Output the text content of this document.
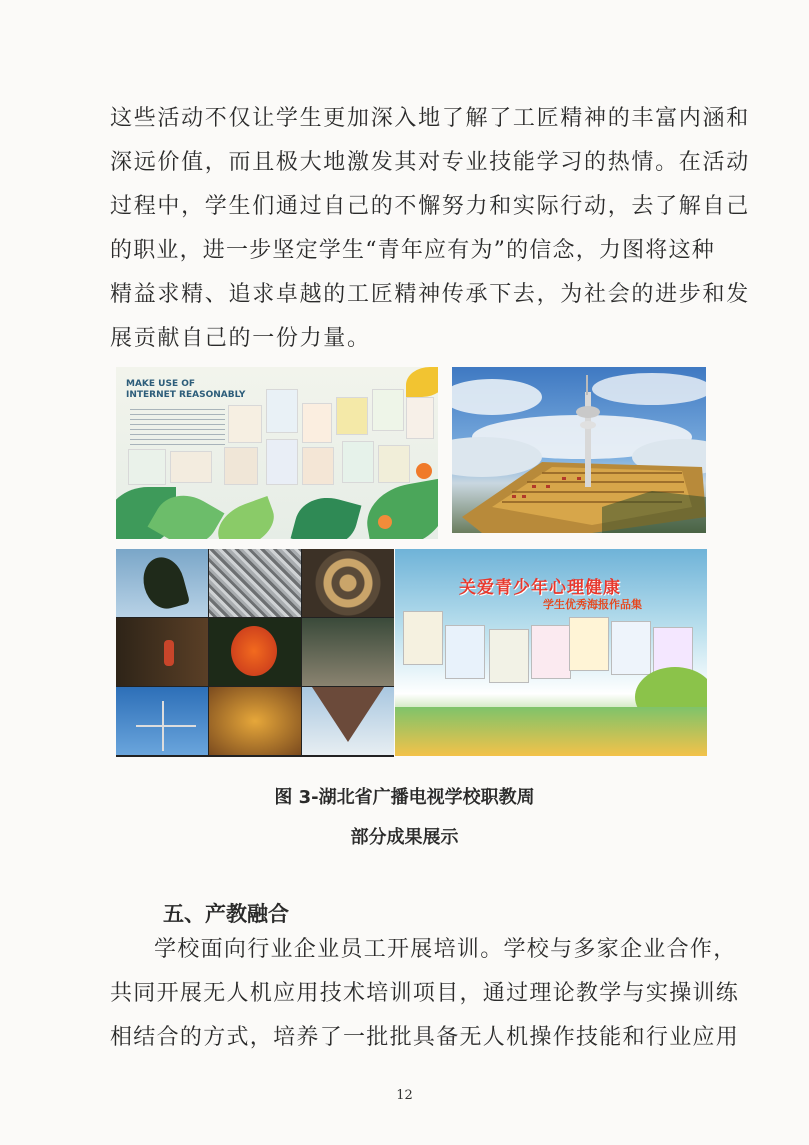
这些活动不仅让学生更加深入地了解了工匠精神的丰富内涵和
深远价值，而且极大地激发其对专业技能学习的热情。在活动
过程中，学生们通过自己的不懈努力和实际行动，去了解自己
的职业，进一步坚定学生“青年应有为”的信念，力图将这种
精益求精、追求卓越的工匠精神传承下去，为社会的进步和发
展贡献自己的一份力量。
MAKE USE OF
INTERNET REASONABLY
关爱青少年心理健康
学生优秀海报作品集
图 3-湖北省广播电视学校职教周
部分成果展示
五、产教融合
学校面向行业企业员工开展培训。学校与多家企业合作，
共同开展无人机应用技术培训项目，通过理论教学与实操训练
相结合的方式，培养了一批批具备无人机操作技能和行业应用
12
